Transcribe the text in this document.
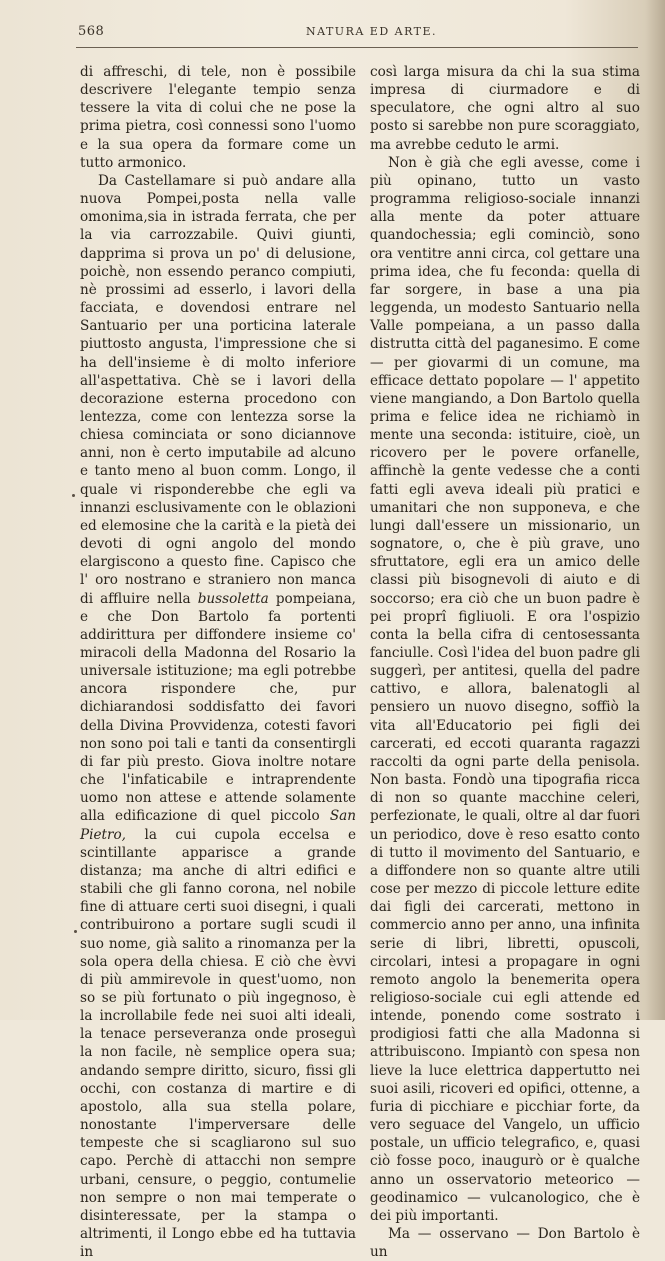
568	NATURA ED ARTE.

di affreschi, di tele, non è possibile descrivere l'elegante tempio senza tessere la vita di colui che ne pose la prima pietra, così connessi sono l'uomo e la sua opera da formare come un tutto armonico.

Da Castellamare si può andare alla nuova Pompei,posta nella valle omonima,sia in istrada ferrata, che per la via carrozzabile. Quivi giunti, dapprima si prova un po' di delusione, poichè, non essendo peranco compiuti, nè prossimi ad esserlo, i lavori della facciata, e dovendosi entrare nel Santuario per una porticina laterale piuttosto angusta, l'impressione che si ha dell'insieme è di molto inferiore all'aspettativa. Chè se i lavori della decorazione esterna procedono con lentezza, come con lentezza sorse la chiesa cominciata or sono diciannove anni, non è certo imputabile ad alcuno e tanto meno al buon comm. Longo, il quale vi risponderebbe che egli va innanzi esclusivamente con le oblazioni ed elemosine che la carità e la pietà dei devoti di ogni angolo del mondo elargiscono a questo fine. Capisco che l' oro nostrano e straniero non manca di affluire nella bussoletta pompeiana, e che Don Bartolo fa portenti addirittura per diffondere insieme co' miracoli della Madonna del Rosario la universale istituzione; ma egli potrebbe ancora rispondere che, pur dichiarandosi soddisfatto dei favori della Divina Provvidenza, cotesti favori non sono poi tali e tanti da consentirgli di far più presto. Giova inoltre notare che l'infaticabile e intraprendente uomo non attese e attende solamente alla edificazione di quel piccolo San Pietro, la cui cupola eccelsa e scintillante apparisce a grande distanza; ma anche di altri edifici e stabili che gli fanno corona, nel nobile fine di attuare certi suoi disegni, i quali contribuirono a portare sugli scudi il suo nome, già salito a rinomanza per la sola opera della chiesa. E ciò che èvvi di più ammirevole in quest'uomo, non so se più fortunato o più ingegnoso, è la incrollabile fede nei suoi alti ideali, la tenace perseveranza onde proseguì la non facile, nè semplice opera sua; andando sempre diritto, sicuro, fissi gli occhi, con costanza di martire e di apostolo, alla sua stella polare, nonostante l'imperversare delle tempeste che si scagliarono sul suo capo. Perchè di attacchi non sempre urbani, censure, o peggio, contumelie non sempre o non mai temperate o disinteressate, per la stampa o altrimenti, il Longo ebbe ed ha tuttavia in

così larga misura da chi la sua stima impresa di ciurmadore e di speculatore, che ogni altro al suo posto si sarebbe non pure scoraggiato, ma avrebbe ceduto le armi.

Non è già che egli avesse, come i più opinano, tutto un vasto programma religioso-sociale innanzi alla mente da poter attuare quandochessia; egli cominciò, sono ora ventitre anni circa, col gettare una prima idea, che fu feconda: quella di far sorgere, in base a una pia leggenda, un modesto Santuario nella Valle pompeiana, a un passo dalla distrutta città del paganesimo. E come — per giovarmi di un comune, ma efficace dettato popolare — l' appetito viene mangiando, a Don Bartolo quella prima e felice idea ne richiamò in mente una seconda: istituire, cioè, un ricovero per le povere orfanelle, affinchè la gente vedesse che a conti fatti egli aveva ideali più pratici e umanitari che non supponeva, e che lungi dall'essere un missionario, un sognatore, o, che è più grave, uno sfruttatore, egli era un amico delle classi più bisognevoli di aiuto e di soccorso; era ciò che un buon padre è pei proprî figliuoli. E ora l'ospizio conta la bella cifra di centosessanta fanciulle. Così l'idea del buon padre gli suggerì, per antitesi, quella del padre cattivo, e allora, balenatogli al pensiero un nuovo disegno, soffiò la vita all'Educatorio pei figli dei carcerati, ed eccoti quaranta ragazzi raccolti da ogni parte della penisola. Non basta. Fondò una tipografia ricca di non so quante macchine celeri, perfezionate, le quali, oltre al dar fuori un periodico, dove è reso esatto conto di tutto il movimento del Santuario, e a diffondere non so quante altre utili cose per mezzo di piccole letture edite dai figli dei carcerati, mettono in commercio anno per anno, una infinita serie di libri, libretti, opuscoli, circolari, intesi a propagare in ogni remoto angolo la benemerita opera religioso-sociale cui egli attende ed intende, ponendo come sostrato i prodigiosi fatti che alla Madonna si attribuiscono. Impiantò con spesa non lieve la luce elettrica dappertutto nei suoi asili, ricoveri ed opifici, ottenne, a furia di picchiare e picchiar forte, da vero seguace del Vangelo, un ufficio postale, un ufficio telegrafico, e, quasi ciò fosse poco, inaugurò or è qualche anno un osservatorio meteorico — geodinamico — vulcanologico, che è dei più importanti.

Ma — osservano — Don Bartolo è un
